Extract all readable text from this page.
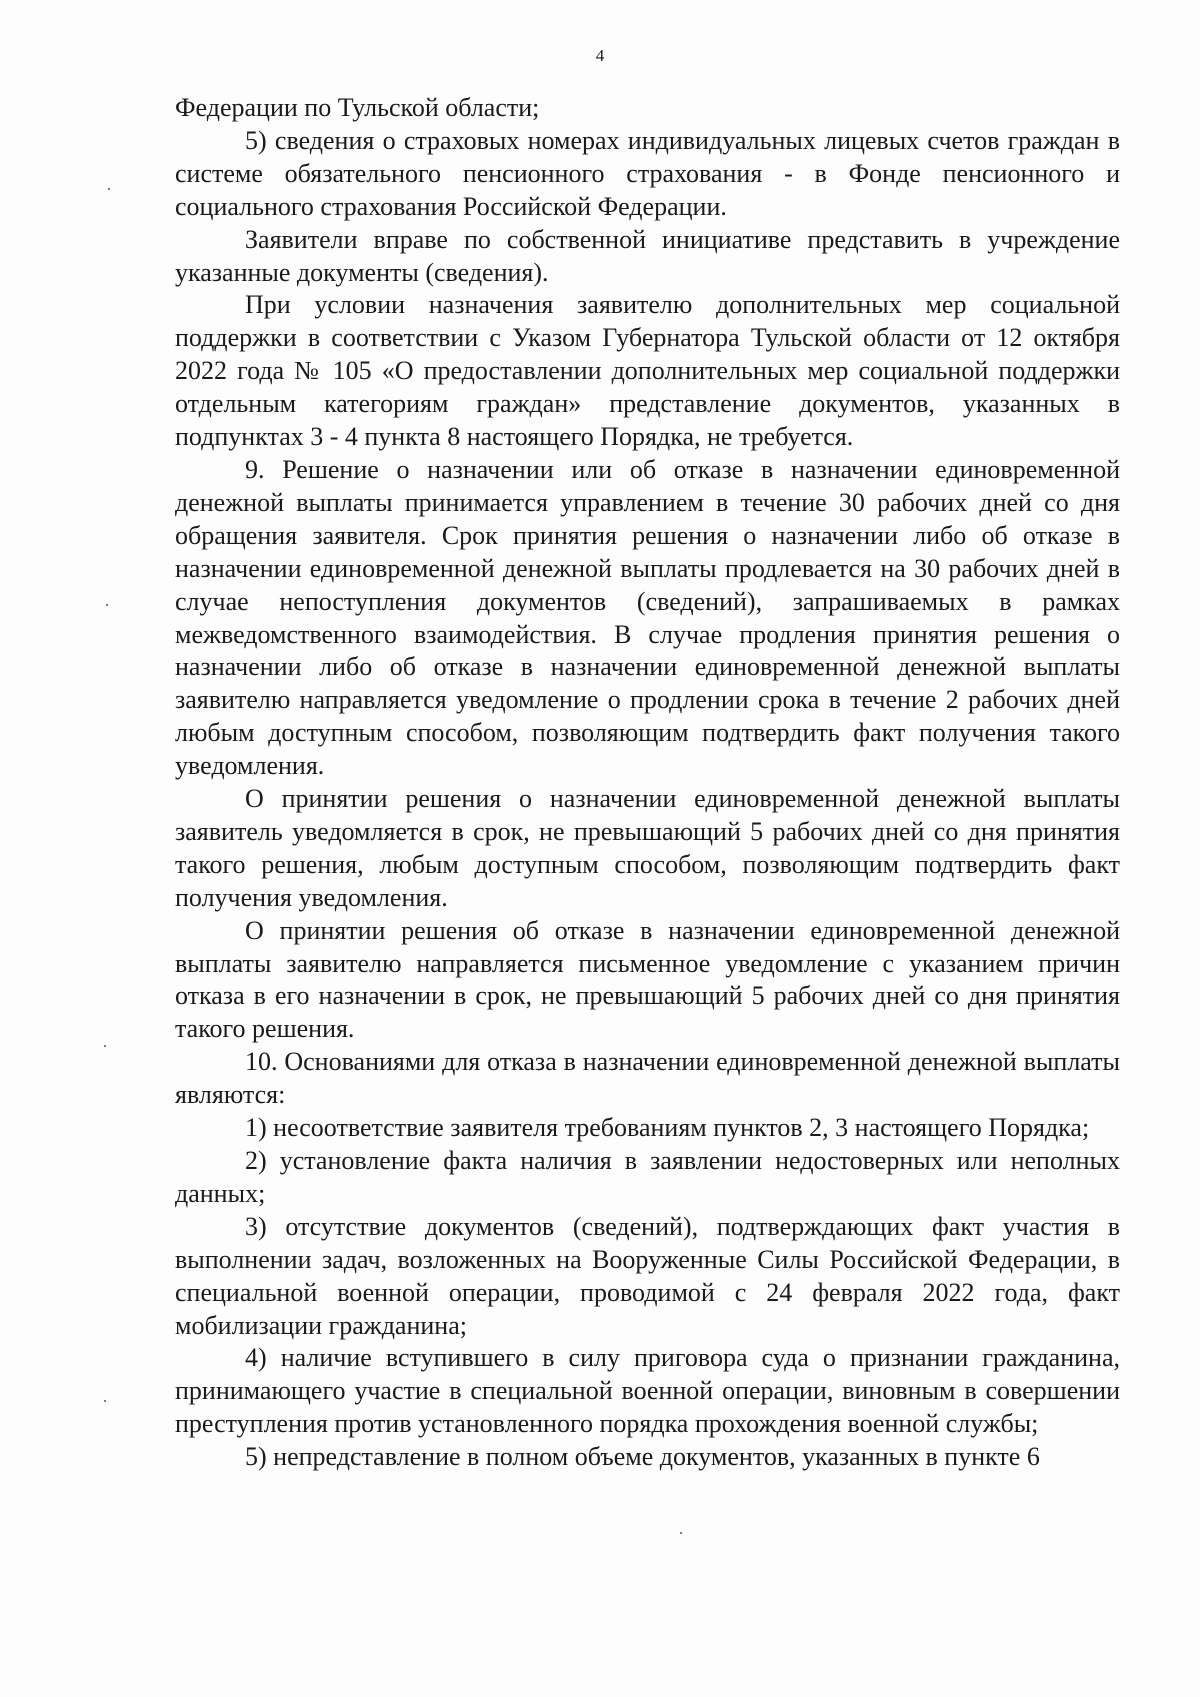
4

Федерации по Тульской области;

5) сведения о страховых номерах индивидуальных лицевых счетов граждан в системе обязательного пенсионного страхования - в Фонде пенсионного и социального страхования Российской Федерации.

Заявители вправе по собственной инициативе представить в учреждение указанные документы (сведения).

При условии назначения заявителю дополнительных мер социальной поддержки в соответствии с Указом Губернатора Тульской области от 12 октября 2022 года № 105 «О предоставлении дополнительных мер социальной поддержки отдельным категориям граждан» представление документов, указанных в подпунктах 3 - 4 пункта 8 настоящего Порядка, не требуется.

9. Решение о назначении или об отказе в назначении единовременной денежной выплаты принимается управлением в течение 30 рабочих дней со дня обращения заявителя. Срок принятия решения о назначении либо об отказе в назначении единовременной денежной выплаты продлевается на 30 рабочих дней в случае непоступления документов (сведений), запрашиваемых в рамках межведомственного взаимодействия. В случае продления принятия решения о назначении либо об отказе в назначении единовременной денежной выплаты заявителю направляется уведомление о продлении срока в течение 2 рабочих дней любым доступным способом, позволяющим подтвердить факт получения такого уведомления.

О принятии решения о назначении единовременной денежной выплаты заявитель уведомляется в срок, не превышающий 5 рабочих дней со дня принятия такого решения, любым доступным способом, позволяющим подтвердить факт получения уведомления.

О принятии решения об отказе в назначении единовременной денежной выплаты заявителю направляется письменное уведомление с указанием причин отказа в его назначении в срок, не превышающий 5 рабочих дней со дня принятия такого решения.

10. Основаниями для отказа в назначении единовременной денежной выплаты являются:

1) несоответствие заявителя требованиям пунктов 2, 3 настоящего Порядка;

2) установление факта наличия в заявлении недостоверных или неполных данных;

3) отсутствие документов (сведений), подтверждающих факт участия в выполнении задач, возложенных на Вооруженные Силы Российской Федерации, в специальной военной операции, проводимой с 24 февраля 2022 года, факт мобилизации гражданина;

4) наличие вступившего в силу приговора суда о признании гражданина, принимающего участие в специальной военной операции, виновным в совершении преступления против установленного порядка прохождения военной службы;

5) непредставление в полном объеме документов, указанных в пункте 6
